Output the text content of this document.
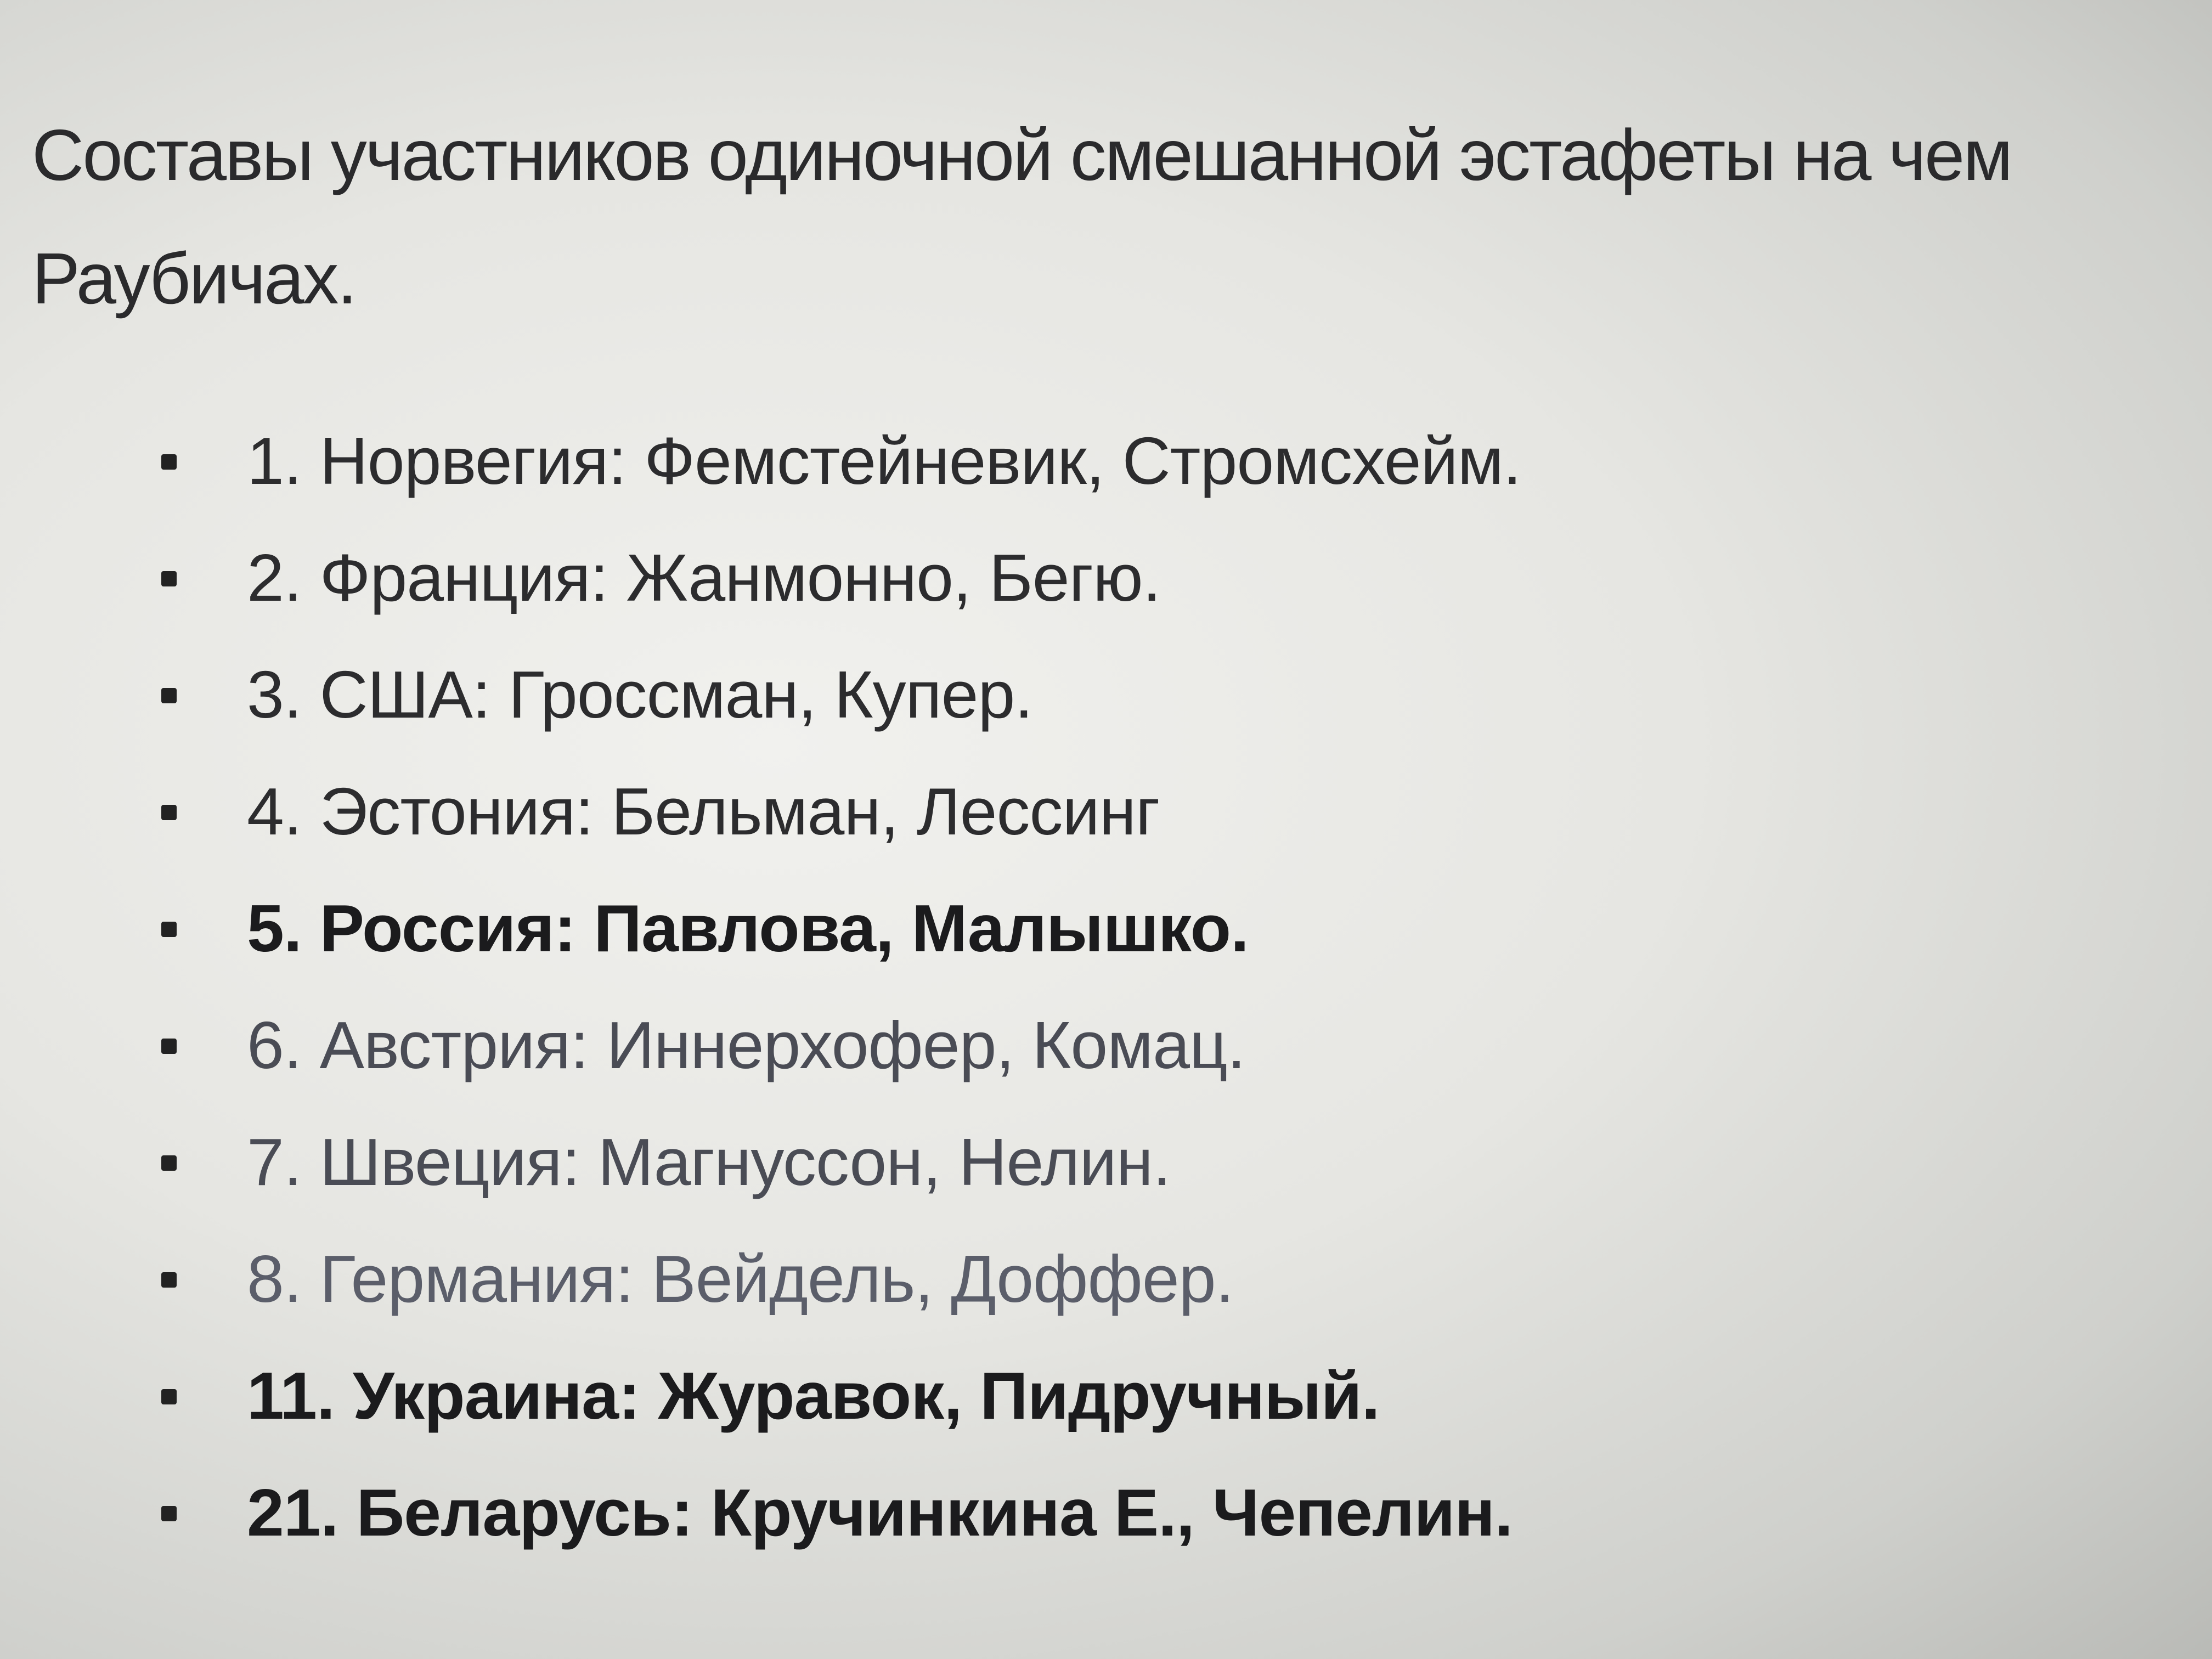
Составы участников одиночной смешанной эстафеты на чем
Раубичах.
1. Норвегия: Фемстейневик, Стромсхейм.
2. Франция: Жанмонно, Бегю.
3. США: Гроссман, Купер.
4. Эстония: Бельман, Лессинг
5. Россия: Павлова, Малышко.
6. Австрия: Иннерхофер, Комац.
7. Швеция: Магнуссон, Нелин.
8. Германия: Вейдель, Доффер.
11. Украина: Журавок, Пидручный.
21. Беларусь: Кручинкина Е., Чепелин.
